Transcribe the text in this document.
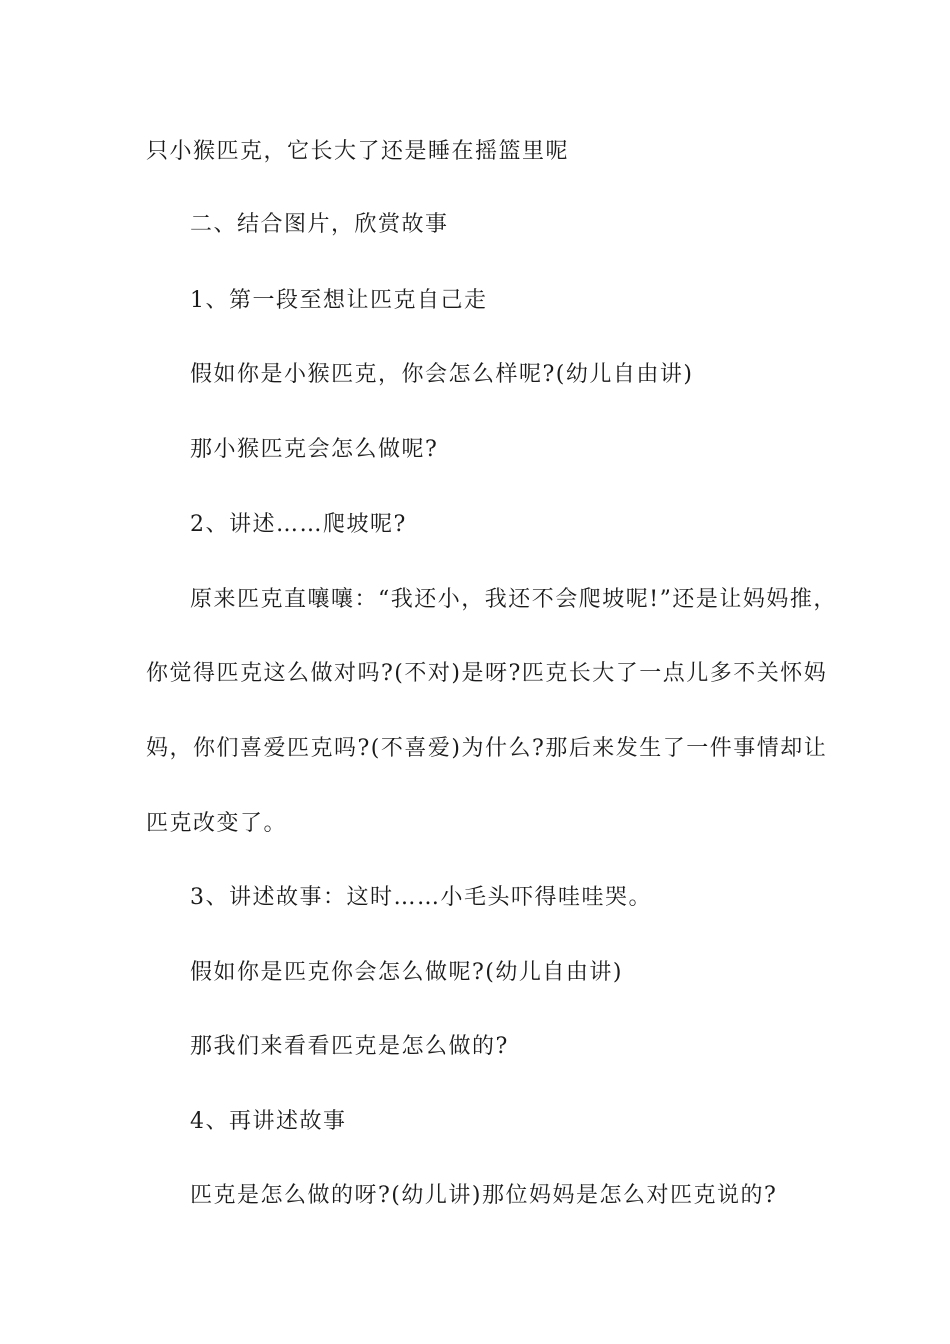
只小猴匹克，它长大了还是睡在摇篮里呢
二、结合图片，欣赏故事
1、第一段至想让匹克自己走
假如你是小猴匹克，你会怎么样呢?(幼儿自由讲)
那小猴匹克会怎么做呢?
2、讲述……爬坡呢?
原来匹克直嚷嚷：“我还小，我还不会爬坡呢!”还是让妈妈推，
你觉得匹克这么做对吗?(不对)是呀?匹克长大了一点儿多不关怀妈
妈，你们喜爱匹克吗?(不喜爱)为什么?那后来发生了一件事情却让
匹克改变了。
3、讲述故事：这时……小毛头吓得哇哇哭。
假如你是匹克你会怎么做呢?(幼儿自由讲)
那我们来看看匹克是怎么做的?
4、再讲述故事
匹克是怎么做的呀?(幼儿讲)那位妈妈是怎么对匹克说的?
